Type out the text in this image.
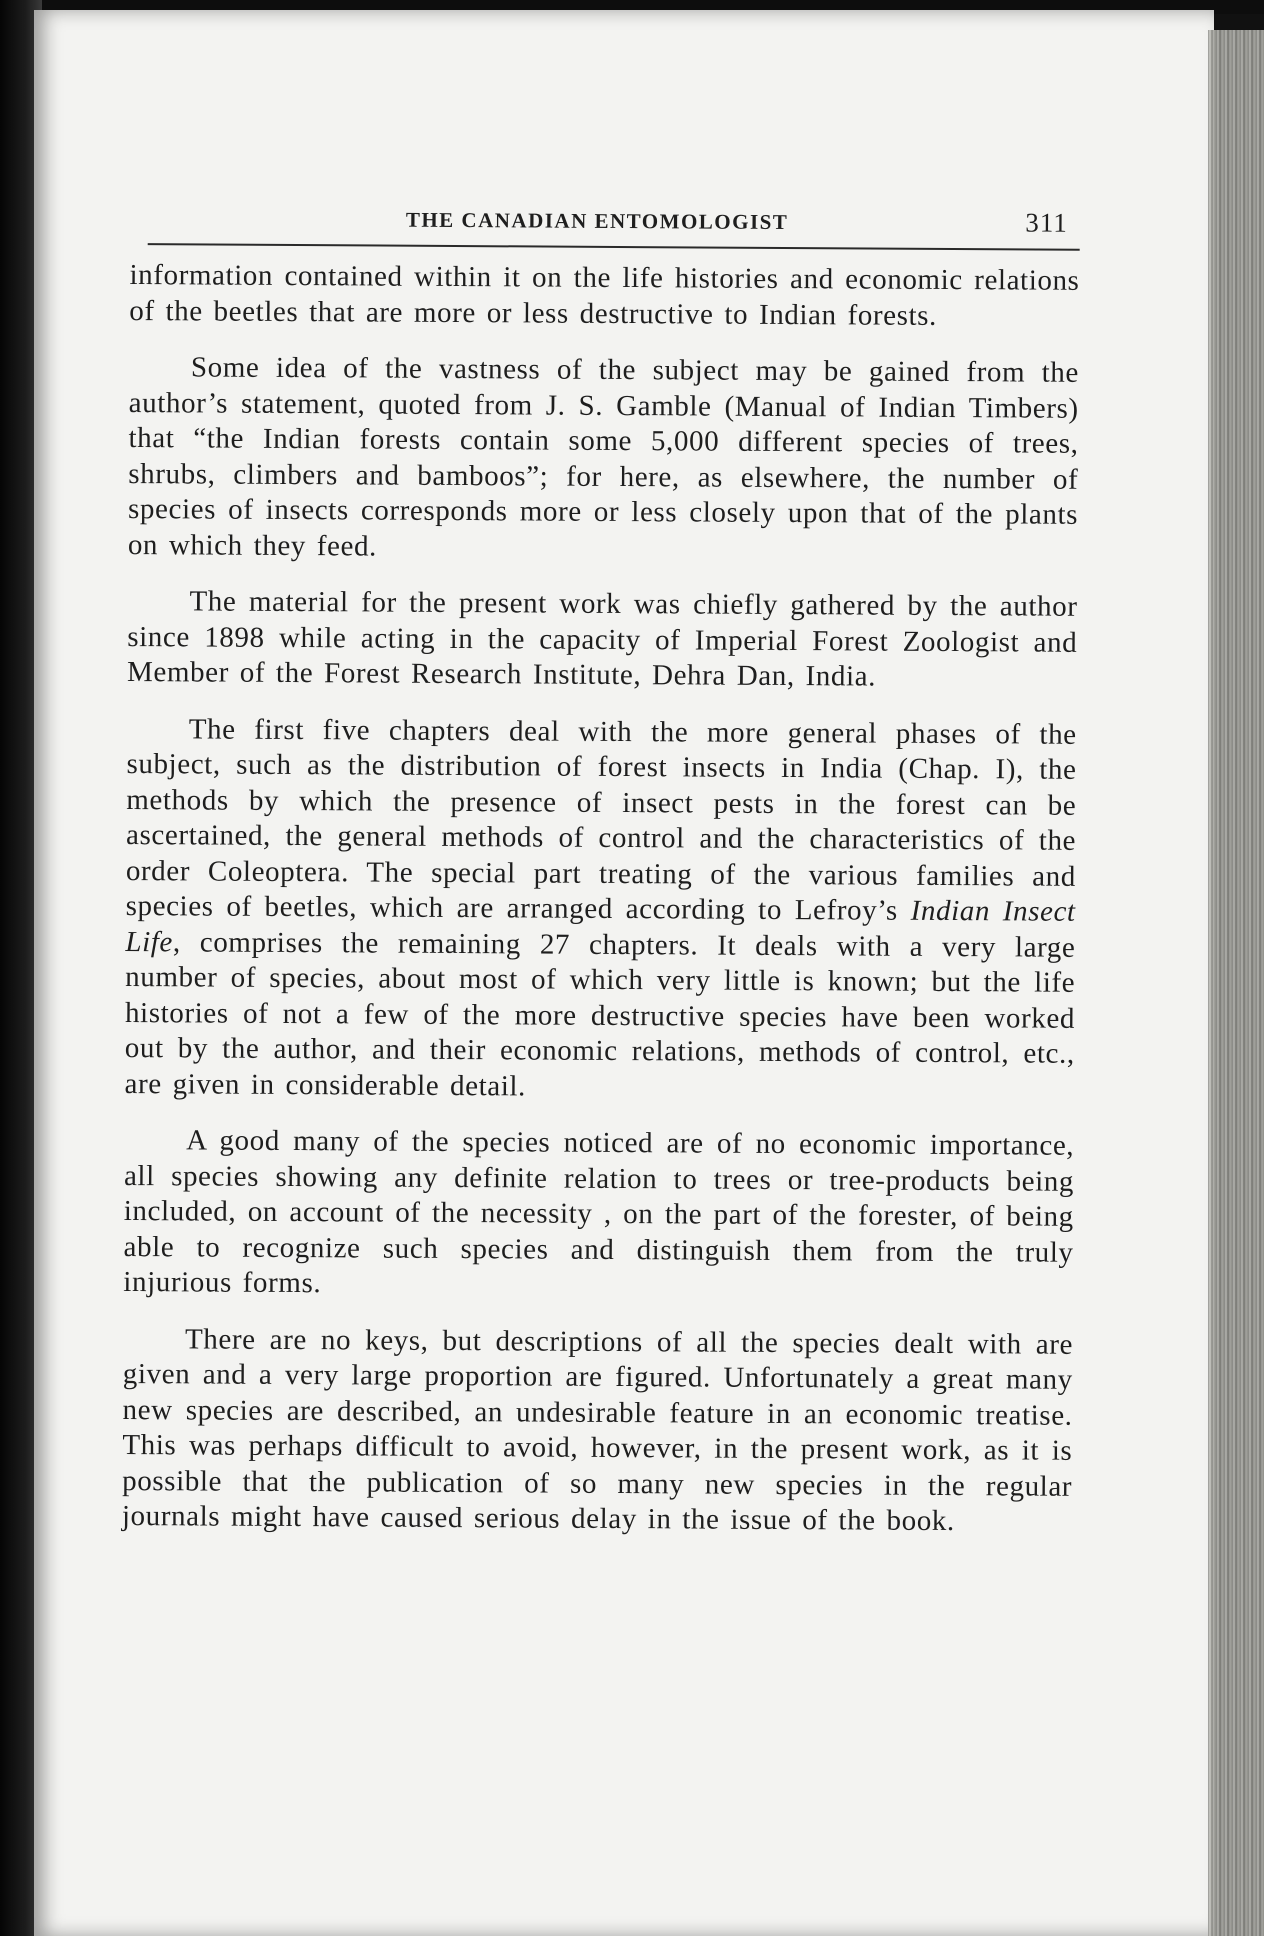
THE CANADIAN ENTOMOLOGIST	311

information contained within it on the life histories and economic relations of the beetles that are more or less destructive to Indian forests.

Some idea of the vastness of the subject may be gained from the author’s statement, quoted from J. S. Gamble (Manual of Indian Timbers) that “the Indian forests contain some 5,000 different species of trees, shrubs, climbers and bamboos”; for here, as elsewhere, the number of species of insects corresponds more or less closely upon that of the plants on which they feed.

The material for the present work was chiefly gathered by the author since 1898 while acting in the capacity of Imperial Forest Zoologist and Member of the Forest Research Institute, Dehra Dan, India.

The first five chapters deal with the more general phases of the subject, such as the distribution of forest insects in India (Chap. I), the methods by which the presence of insect pests in the forest can be ascertained, the general methods of control and the characteristics of the order Coleoptera. The special part treating of the various families and species of beetles, which are arranged according to Lefroy’s Indian Insect Life, comprises the remaining 27 chapters. It deals with a very large number of species, about most of which very little is known; but the life histories of not a few of the more destructive species have been worked out by the author, and their economic relations, methods of control, etc., are given in considerable detail.

A good many of the species noticed are of no economic importance, all species showing any definite relation to trees or tree-products being included, on account of the necessity , on the part of the forester, of being able to recognize such species and distinguish them from the truly injurious forms.

There are no keys, but descriptions of all the species dealt with are given and a very large proportion are figured. Unfortunately a great many new species are described, an undesirable feature in an economic treatise. This was perhaps difficult to avoid, however, in the present work, as it is possible that the publication of so many new species in the regular journals might have caused serious delay in the issue of the book.
